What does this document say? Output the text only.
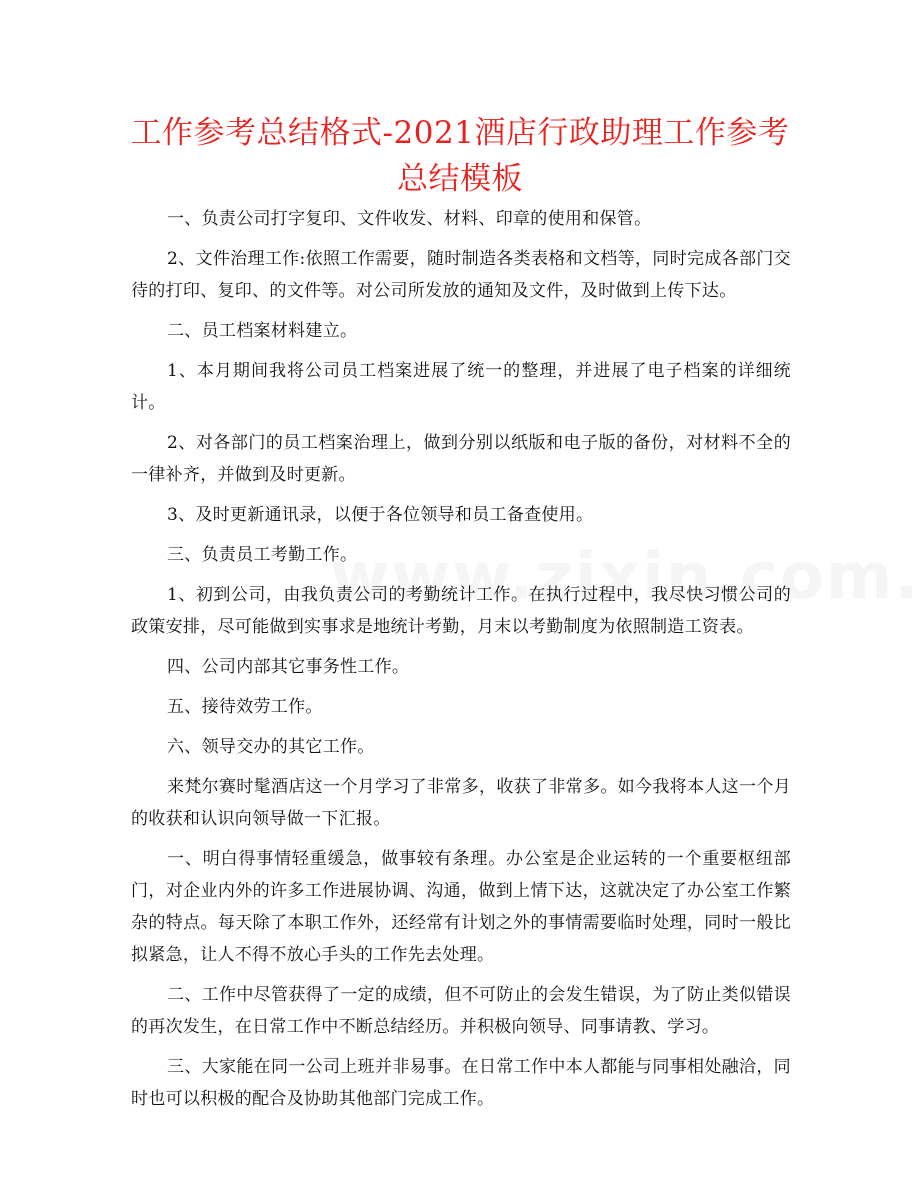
工作参考总结格式-2021酒店行政助理工作参考总结模板

一、负责公司打字复印、文件收发、材料、印章的使用和保管。

2、文件治理工作:依照工作需要，随时制造各类表格和文档等，同时完成各部门交待的打印、复印、的文件等。对公司所发放的通知及文件，及时做到上传下达。

二、员工档案材料建立。

1、本月期间我将公司员工档案进展了统一的整理，并进展了电子档案的详细统计。

2、对各部门的员工档案治理上，做到分别以纸版和电子版的备份，对材料不全的一律补齐，并做到及时更新。

3、及时更新通讯录，以便于各位领导和员工备查使用。

三、负责员工考勤工作。

1、初到公司，由我负责公司的考勤统计工作。在执行过程中，我尽快习惯公司的政策安排，尽可能做到实事求是地统计考勤，月末以考勤制度为依照制造工资表。

四、公司内部其它事务性工作。

五、接待效劳工作。

六、领导交办的其它工作。

来梵尔赛时髦酒店这一个月学习了非常多，收获了非常多。如今我将本人这一个月的收获和认识向领导做一下汇报。

一、明白得事情轻重缓急，做事较有条理。办公室是企业运转的一个重要枢纽部门，对企业内外的许多工作进展协调、沟通，做到上情下达，这就决定了办公室工作繁杂的特点。每天除了本职工作外，还经常有计划之外的事情需要临时处理，同时一般比拟紧急，让人不得不放心手头的工作先去处理。

二、工作中尽管获得了一定的成绩，但不可防止的会发生错误，为了防止类似错误的再次发生，在日常工作中不断总结经历。并积极向领导、同事请教、学习。

三、大家能在同一公司上班并非易事。在日常工作中本人都能与同事相处融洽，同时也可以积极的配合及协助其他部门完成工作。
